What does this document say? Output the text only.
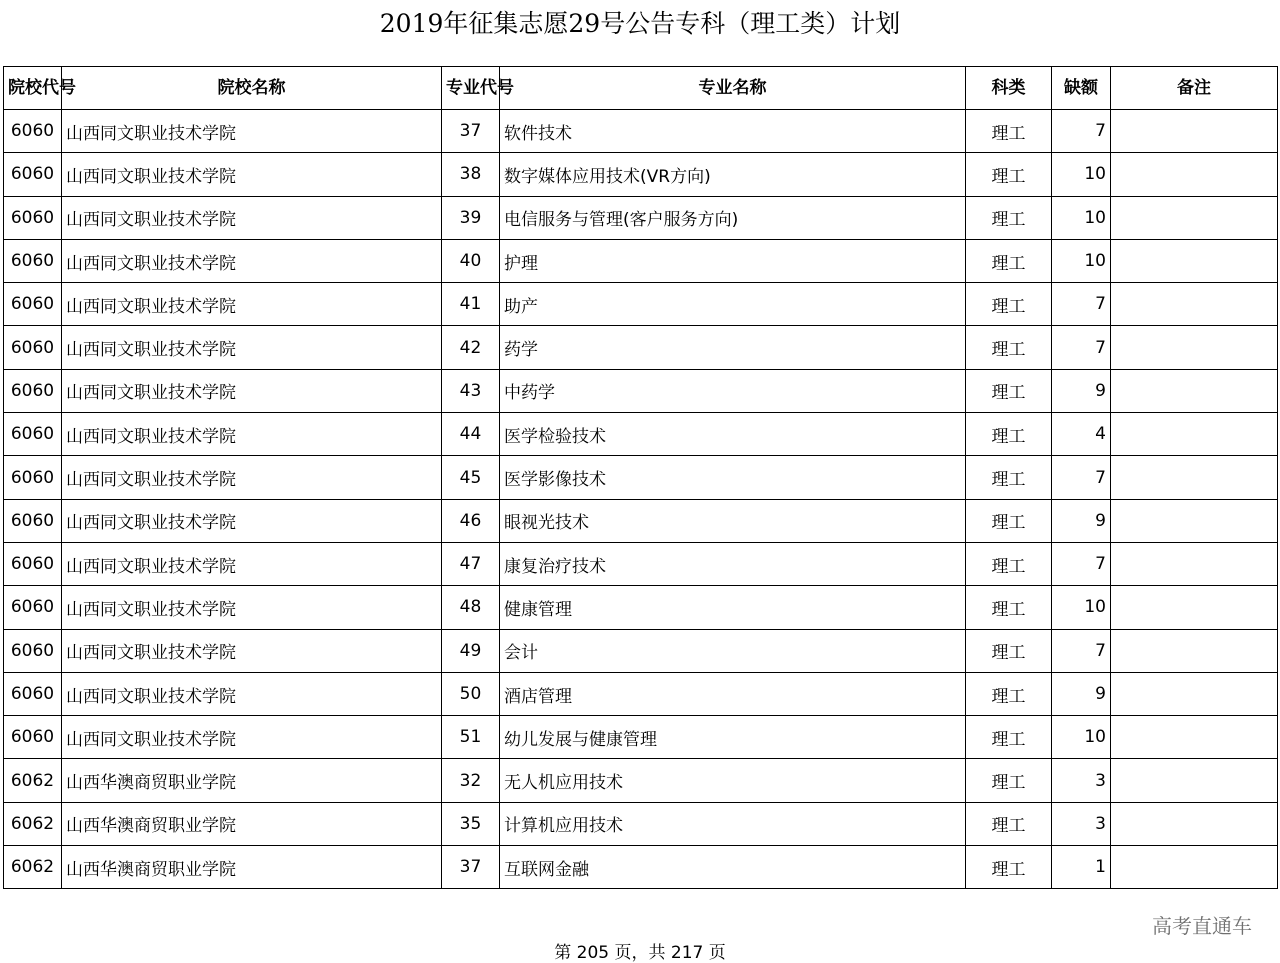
2019年征集志愿29号公告专科（理工类）计划
院校代号	院校名称	专业代号	专业名称	科类	缺额	备注
6060	山西同文职业技术学院	37	软件技术	理工	7	
6060	山西同文职业技术学院	38	数字媒体应用技术(VR方向)	理工	10	
6060	山西同文职业技术学院	39	电信服务与管理(客户服务方向)	理工	10	
6060	山西同文职业技术学院	40	护理	理工	10	
6060	山西同文职业技术学院	41	助产	理工	7	
6060	山西同文职业技术学院	42	药学	理工	7	
6060	山西同文职业技术学院	43	中药学	理工	9	
6060	山西同文职业技术学院	44	医学检验技术	理工	4	
6060	山西同文职业技术学院	45	医学影像技术	理工	7	
6060	山西同文职业技术学院	46	眼视光技术	理工	9	
6060	山西同文职业技术学院	47	康复治疗技术	理工	7	
6060	山西同文职业技术学院	48	健康管理	理工	10	
6060	山西同文职业技术学院	49	会计	理工	7	
6060	山西同文职业技术学院	50	酒店管理	理工	9	
6060	山西同文职业技术学院	51	幼儿发展与健康管理	理工	10	
6062	山西华澳商贸职业学院	32	无人机应用技术	理工	3	
6062	山西华澳商贸职业学院	35	计算机应用技术	理工	3	
6062	山西华澳商贸职业学院	37	互联网金融	理工	1	
高考直通车
第 205 页，共 217 页
